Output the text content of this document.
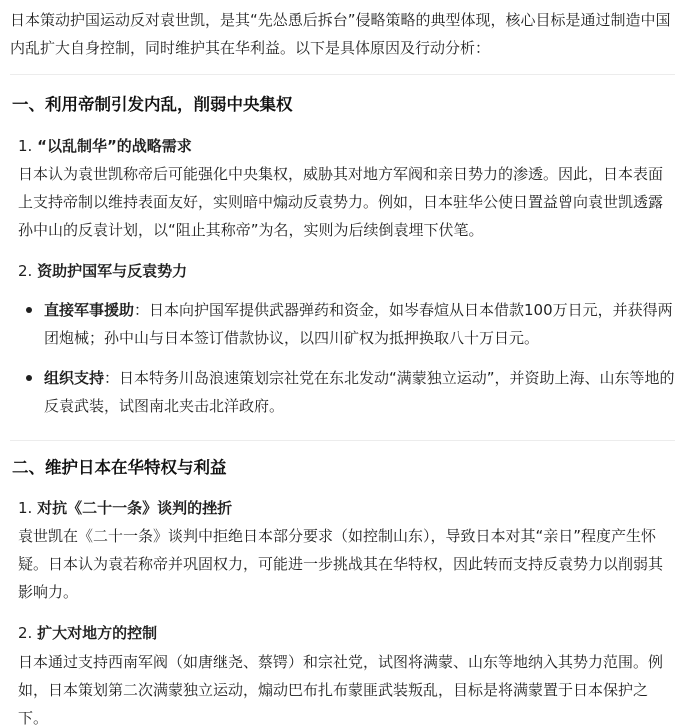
日本策动护国运动反对袁世凯，是其“先怂恿后拆台”侵略策略的典型体现，核心目标是通过制造中国内乱扩大自身控制，同时维护其在华利益。以下是具体原因及行动分析：

一、利用帝制引发内乱，削弱中央集权
1. “以乱制华”的战略需求

日本认为袁世凯称帝后可能强化中央集权，威胁其对地方军阀和亲日势力的渗透。因此，日本表面上支持帝制以维持表面友好，实则暗中煽动反袁势力。例如，日本驻华公使日置益曾向袁世凯透露孙中山的反袁计划，以“阻止其称帝”为名，实则为后续倒袁埋下伏笔。

2. 资助护国军与反袁势力
直接军事援助：日本向护国军提供武器弹药和资金，如岑春煊从日本借款100万日元，并获得两团炮械；孙中山与日本签订借款协议，以四川矿权为抵押换取八十万日元。
组织支持：日本特务川岛浪速策划宗社党在东北发动“满蒙独立运动”，并资助上海、山东等地的反袁武装，试图南北夹击北洋政府。
二、维护日本在华特权与利益
1. 对抗《二十一条》谈判的挫折

袁世凯在《二十一条》谈判中拒绝日本部分要求（如控制山东），导致日本对其“亲日”程度产生怀疑。日本认为袁若称帝并巩固权力，可能进一步挑战其在华特权，因此转而支持反袁势力以削弱其影响力。

2. 扩大对地方的控制

日本通过支持西南军阀（如唐继尧、蔡锷）和宗社党，试图将满蒙、山东等地纳入其势力范围。例如，日本策划第二次满蒙独立运动，煽动巴布扎布蒙匪武装叛乱，目标是将满蒙置于日本保护之下。
